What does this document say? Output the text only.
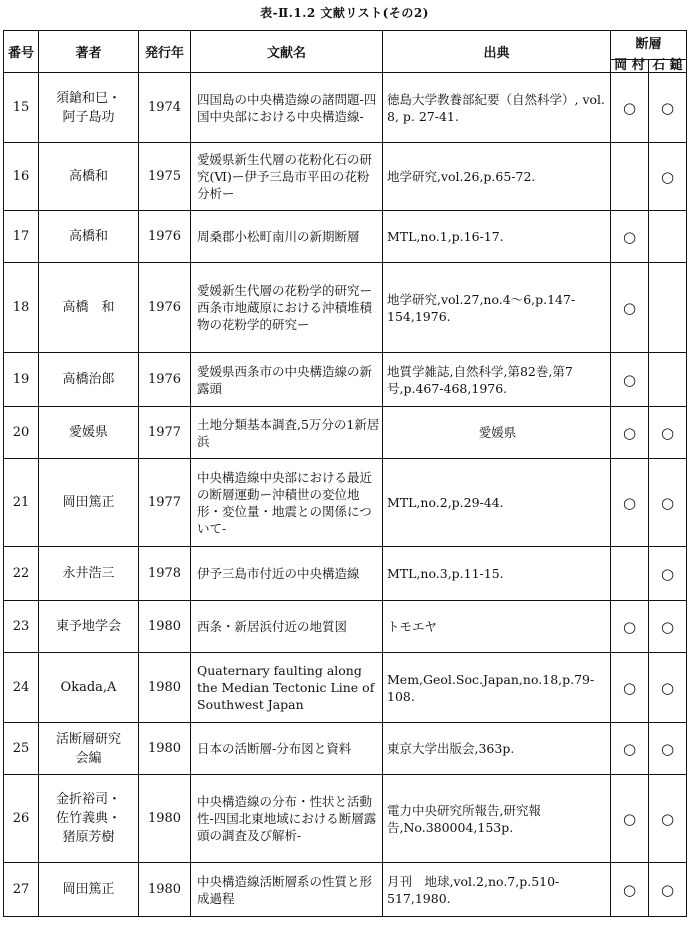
表-Ⅱ.1.2 文献リスト(その2)
番号	著者	発行年	文献名	出典	断層	
					岡 村	石 鎚
15	須鎗和巳・
阿子島功	1974	四国島の中央構造線の諸問題-四国中央部における中央構造線-	徳島大学教養部紀要（自然科学）, vol. 8, p. 27-41.	○	○
16	高橋和	1975	愛媛県新生代層の花粉化石の研究(Ⅵ)ー伊予三島市平田の花粉分析ー	地学研究,vol.26,p.65-72.		○
17	高橋和	1976	周桑郡小松町南川の新期断層	MTL,no.1,p.16-17.	○	
18	高橋　和	1976	愛媛新生代層の花粉学的研究ー西条市地蔵原における沖積堆積物の花粉学的研究ー	地学研究,vol.27,no.4～6,p.147-154,1976.	○	
19	高橋治郎	1976	愛媛県西条市の中央構造線の新露頭	地質学雑誌,自然科学,第82巻,第7号,p.467-468,1976.	○	
20	愛媛県	1977	土地分類基本調査,5万分の1新居浜	愛媛県	○	○
21	岡田篤正	1977	中央構造線中央部における最近の断層運動ー沖積世の変位地形・変位量・地震との関係について-	MTL,no.2,p.29-44.	○	○
22	永井浩三	1978	伊予三島市付近の中央構造線	MTL,no.3,p.11-15.		○
23	東予地学会	1980	西条・新居浜付近の地質図	トモエヤ	○	○
24	Okada,A	1980	Quaternary faulting along the Median Tectonic Line of Southwest Japan	Mem,Geol.Soc.Japan,no.18,p.79-108.	○	○
25	活断層研究
会編	1980	日本の活断層-分布図と資料	東京大学出版会,363p.	○	○
26	金折裕司・
佐竹義典・
猪原芳樹	1980	中央構造線の分布・性状と活動性-四国北東地域における断層露頭の調査及び解析-	電力中央研究所報告,研究報告,No.380004,153p.	○	○
27	岡田篤正	1980	中央構造線活断層系の性質と形成過程	月刊　地球,vol.2,no.7,p.510-517,1980.	○	○
